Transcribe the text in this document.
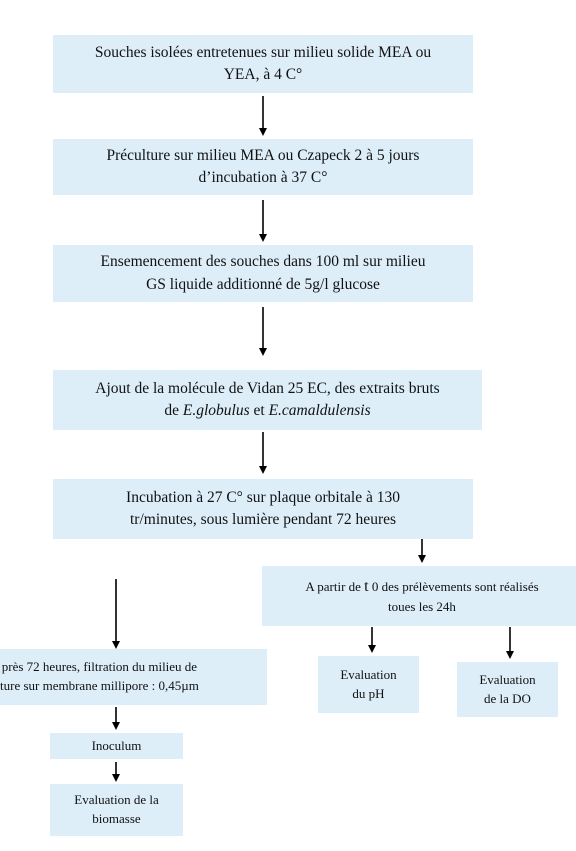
Souches isolées entretenues sur milieu solide MEA ou
YEA, à 4 C°
Préculture sur milieu MEA ou Czapeck 2 à 5 jours
d’incubation à 37 C°
Ensemencement des souches dans 100 ml sur milieu
GS liquide additionné de 5g/l glucose
Ajout de la molécule de Vidan 25 EC, des extraits bruts
de E.globulus et E.camaldulensis
Incubation à 27 C° sur plaque orbitale à 130
tr/minutes, sous lumière pendant 72 heures
A partir de t 0 des prélèvements sont réalisés
toues les 24h
près 72 heures, filtration du milieu de
ture sur membrane millipore : 0,45µm
Evaluation
du pH
Evaluation
de la DO
Inoculum
Evaluation de la
biomasse
